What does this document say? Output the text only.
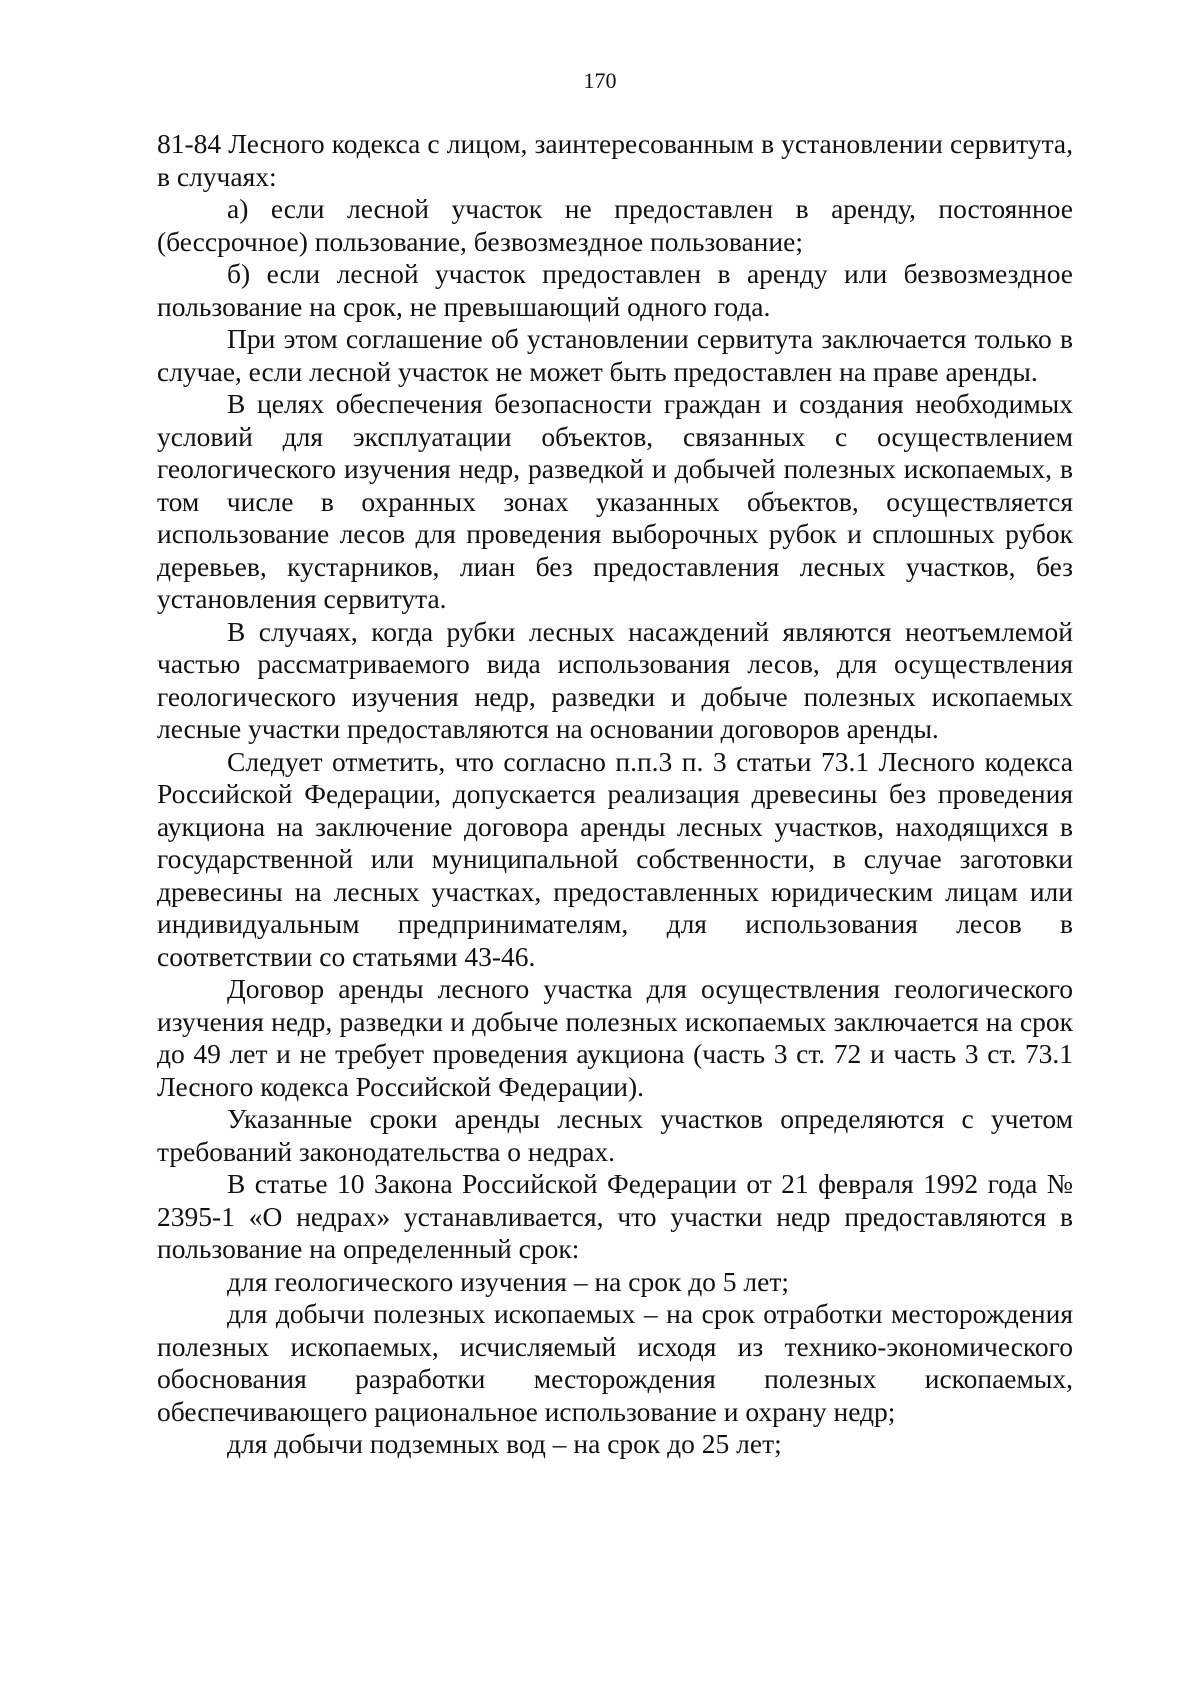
170

81-84 Лесного кодекса с лицом, заинтересованным в установлении сервитута, в случаях:

а) если лесной участок не предоставлен в аренду, постоянное (бессрочное) пользование, безвозмездное пользование;

б) если лесной участок предоставлен в аренду или безвозмездное пользование на срок, не превышающий одного года.

При этом соглашение об установлении сервитута заключается только в случае, если лесной участок не может быть предоставлен на праве аренды.

В целях обеспечения безопасности граждан и создания необходимых условий для эксплуатации объектов, связанных с осуществлением геологического изучения недр, разведкой и добычей полезных ископаемых, в том числе в охранных зонах указанных объектов, осуществляется использование лесов для проведения выборочных рубок и сплошных рубок деревьев, кустарников, лиан без предоставления лесных участков, без установления сервитута.

В случаях, когда рубки лесных насаждений являются неотъемлемой частью рассматриваемого вида использования лесов, для осуществления геологического изучения недр, разведки и добыче полезных ископаемых лесные участки предоставляются на основании договоров аренды.

Следует отметить, что согласно п.п.3 п. 3 статьи 73.1 Лесного кодекса Российской Федерации, допускается реализация древесины без проведения аукциона на заключение договора аренды лесных участков, находящихся в государственной или муниципальной собственности, в случае заготовки древесины на лесных участках, предоставленных юридическим лицам или индивидуальным предпринимателям, для использования лесов в соответствии со статьями 43-46.

Договор аренды лесного участка для осуществления геологического изучения недр, разведки и добыче полезных ископаемых заключается на срок до 49 лет и не требует проведения аукциона (часть 3 ст. 72 и часть 3 ст. 73.1 Лесного кодекса Российской Федерации).

Указанные сроки аренды лесных участков определяются с учетом требований законодательства о недрах.

В статье 10 Закона Российской Федерации от 21 февраля 1992 года № 2395-1 «О недрах» устанавливается, что участки недр предоставляются в пользование на определенный срок:

для геологического изучения – на срок до 5 лет;

для добычи полезных ископаемых – на срок отработки месторождения полезных ископаемых, исчисляемый исходя из технико-экономического обоснования разработки месторождения полезных ископаемых, обеспечивающего рациональное использование и охрану недр;

для добычи подземных вод – на срок до 25 лет;
